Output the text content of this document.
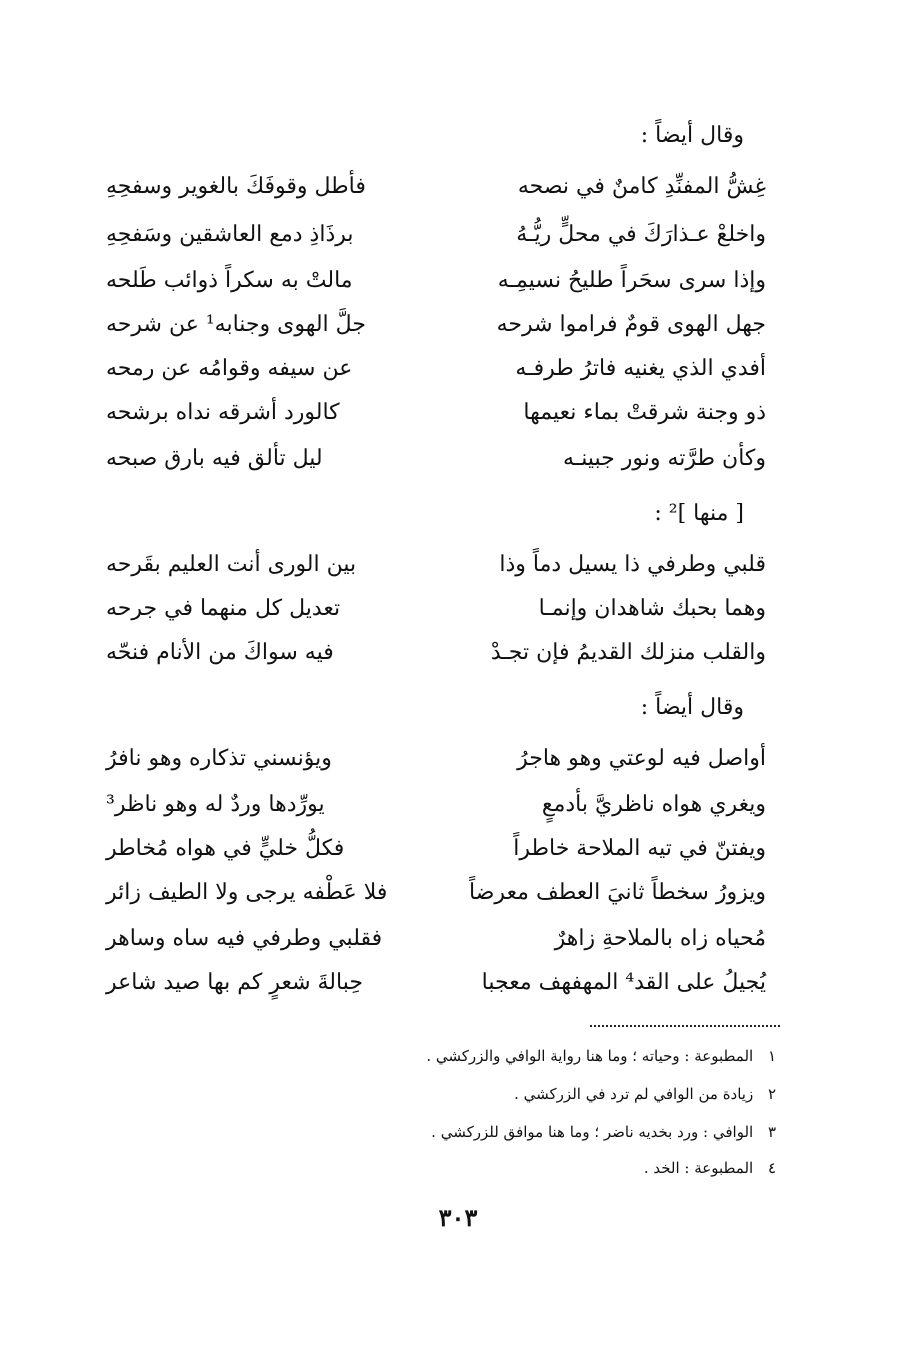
وقال أيضاً :
غِشُّ المفنِّدِ كامنٌ في نصحه
فأطل وقوفَكَ بالغوير وسفحِهِ
واخلعْ عـذارَكَ في محلٍّ ريُّـهُ
برذَاذِ دمع العاشقين وسَفحِهِ
وإذا سرى سحَراً طليحُ نسيمِـه
مالتْ به سكراً ذوائب طَلحه
جهل الهوى قومٌ فراموا شرحه
جلَّ الهوى وجنابه¹ عن شرحه
أفدي الذي يغنيه فاترُ طرفـه
عن سيفه وقوامُه عن رمحه
ذو وجنة شرقتْ بماء نعيمها
كالورد أشرقه نداه برشحه
وكأن طرَّته ونور جبينـه
ليل تألق فيه بارق صبحه
[ منها ]² :
قلبي وطرفي ذا يسيل دماً وذا
بين الورى أنت العليم بقَرحه
وهما بحبك شاهدان وإنمـا
تعديل كل منهما في جرحه
والقلب منزلك القديمُ فإن تجـدْ
فيه سواكَ من الأنام فنحّه
وقال أيضاً :
أواصل فيه لوعتي وهو هاجرُ
ويؤنسني تذكاره وهو نافرُ
ويغري هواه ناظريَّ بأدمعٍ
يورِّدها وردٌ له وهو ناظر³
ويفتنّ في تيه الملاحة خاطراً
فكلُّ خليٍّ في هواه مُخاطر
ويزورُ سخطاً ثانيَ العطف معرضاً
فلا عَطْفه يرجى ولا الطيف زائر
مُحياه زاه بالملاحةِ زاهرٌ
فقلبي وطرفي فيه ساه وساهر
يُجيلُ على القد⁴ المهفهف معجبا
حِبالةَ شعرٍ كم بها صيد شاعر
١ المطبوعة : وحياته ؛ وما هنا رواية الوافي والزركشي .
٢ زيادة من الوافي لم ترد في الزركشي .
٣ الوافي : ورد بخديه ناضر ؛ وما هنا موافق للزركشي .
٤ المطبوعة : الخد .
٣٠٣
